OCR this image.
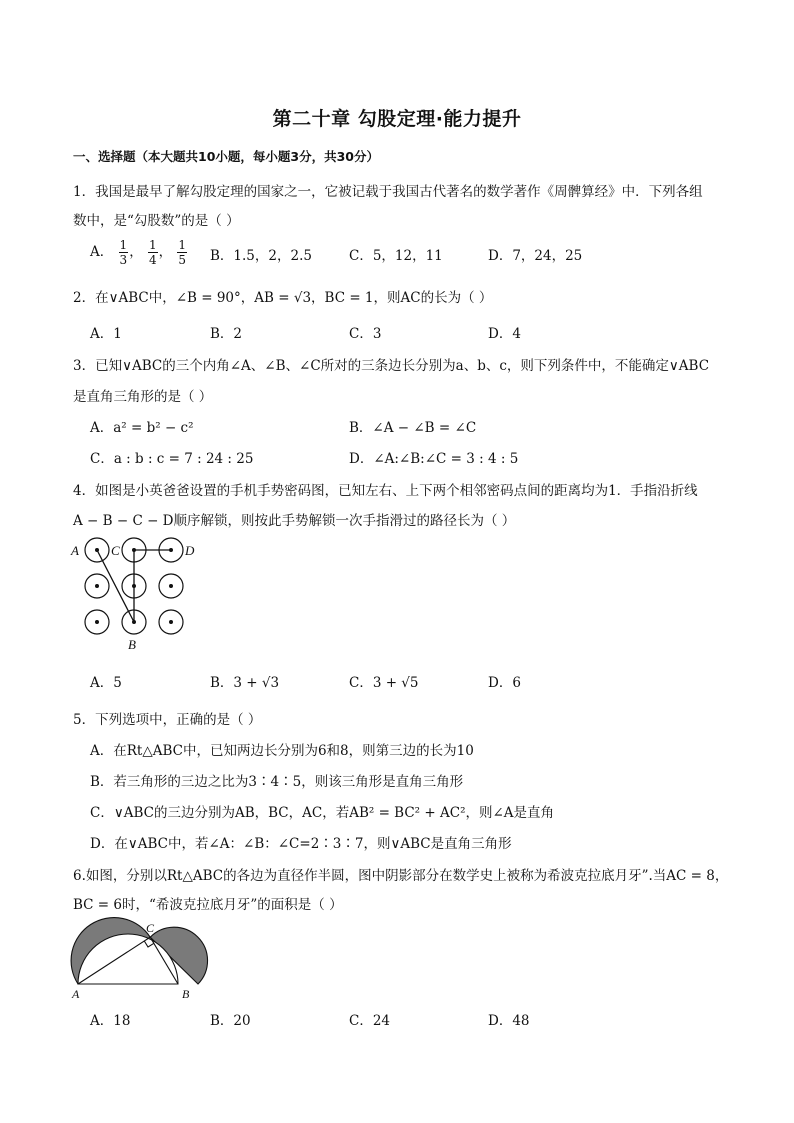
第二十章 勾股定理·能力提升
一、选择题（本大题共10小题，每小题3分，共30分）
1．我国是最早了解勾股定理的国家之一，它被记载于我国古代著名的数学著作《周髀算经》中．下列各组
数中，是“勾股数”的是（ ）
A． $\frac{1}{3}$ ， $\frac{1}{4}$ ， $\frac{1}{5}$ B．1.5，2，2.5	C．5，12，11	D．7，24，25
2．在∨ABC中，∠B = 90°，AB = √3，BC = 1，则AC的长为（ ）
A．1	B．2	C．3	D．4
3．已知∨ABC的三个内角∠A、∠B、∠C所对的三条边长分别为a、b、c，则下列条件中，不能确定∨ABC
是直角三角形的是（ ）
A．a² = b² − c²	B．∠A − ∠B = ∠C
C．a : b : c = 7 : 24 : 25	D．∠A:∠B:∠C = 3 : 4 : 5
4．如图是小英爸爸设置的手机手势密码图，已知左右、上下两个相邻密码点间的距离均为1．手指沿折线
A − B − C − D顺序解锁，则按此手势解锁一次手指滑过的路径长为（ ）
A C	D
B
A．5	B．3 + √3	C．3 + √5	D．6
5．下列选项中，正确的是（ ）
A．在Rt△ABC中，已知两边长分别为6和8，则第三边的长为10
B．若三角形的三边之比为3∶4∶5，则该三角形是直角三角形
C．∨ABC的三边分别为AB，BC，AC，若AB² = BC² + AC²，则∠A是直角
D．在∨ABC中，若∠A：∠B：∠C=2∶3∶7，则∨ABC是直角三角形
6.如图，分别以Rt△ABC的各边为直径作半圆，图中阴影部分在数学史上被称为希波克拉底月牙”.当AC = 8，
BC = 6时，“希波克拉底月牙”的面积是（ ）
C
A	B
A．18	B．20	C．24	D．48
